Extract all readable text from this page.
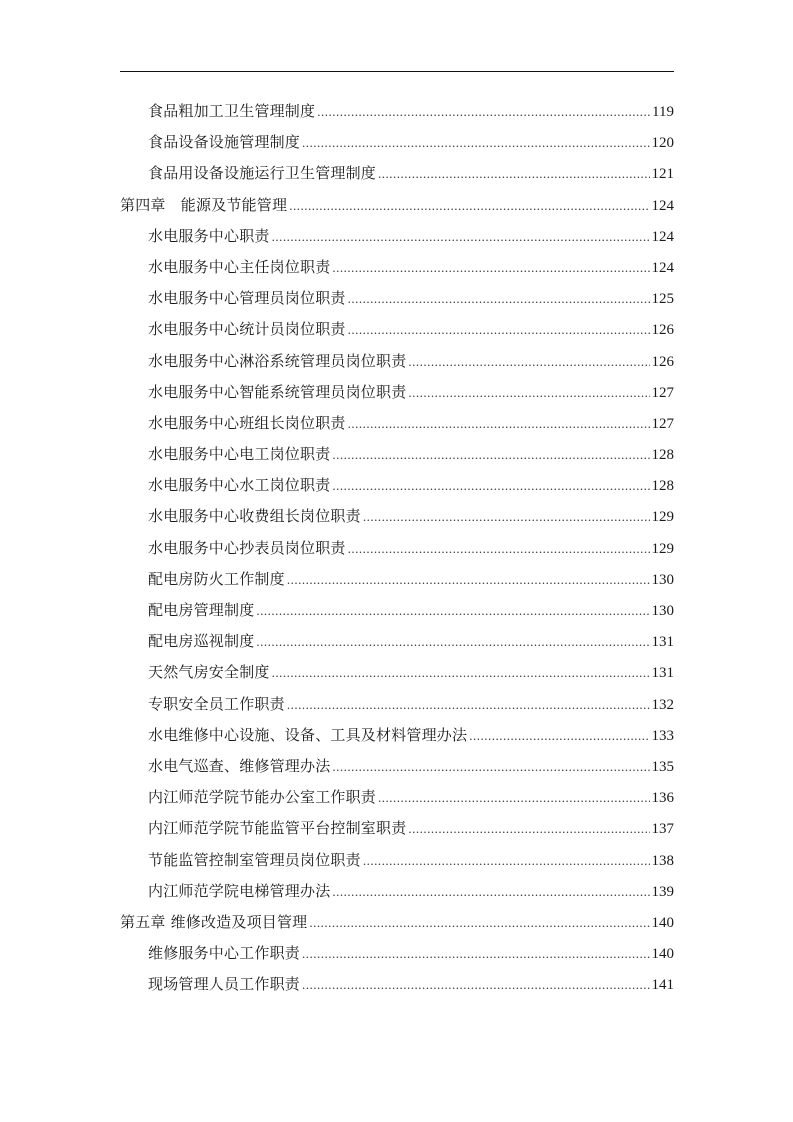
食品粗加工卫生管理制度 .....	119
食品设备设施管理制度 .....	120
食品用设备设施运行卫生管理制度 .....	121
第四章　能源及节能管理 .....	124
水电服务中心职责 .....	124
水电服务中心主任岗位职责 .....	124
水电服务中心管理员岗位职责 .....	125
水电服务中心统计员岗位职责 .....	126
水电服务中心淋浴系统管理员岗位职责 .....	126
水电服务中心智能系统管理员岗位职责 .....	127
水电服务中心班组长岗位职责 .....	127
水电服务中心电工岗位职责 .....	128
水电服务中心水工岗位职责 .....	128
水电服务中心收费组长岗位职责 .....	129
水电服务中心抄表员岗位职责 .....	129
配电房防火工作制度 .....	130
配电房管理制度 .....	130
配电房巡视制度 .....	131
天然气房安全制度 .....	131
专职安全员工作职责 .....	132
水电维修中心设施、设备、工具及材料管理办法 .....	133
水电气巡查、维修管理办法 .....	135
内江师范学院节能办公室工作职责 .....	136
内江师范学院节能监管平台控制室职责 .....	137
节能监管控制室管理员岗位职责 .....	138
内江师范学院电梯管理办法 .....	139
第五章 维修改造及项目管理 .....	140
维修服务中心工作职责 .....	140
现场管理人员工作职责 .....	141
